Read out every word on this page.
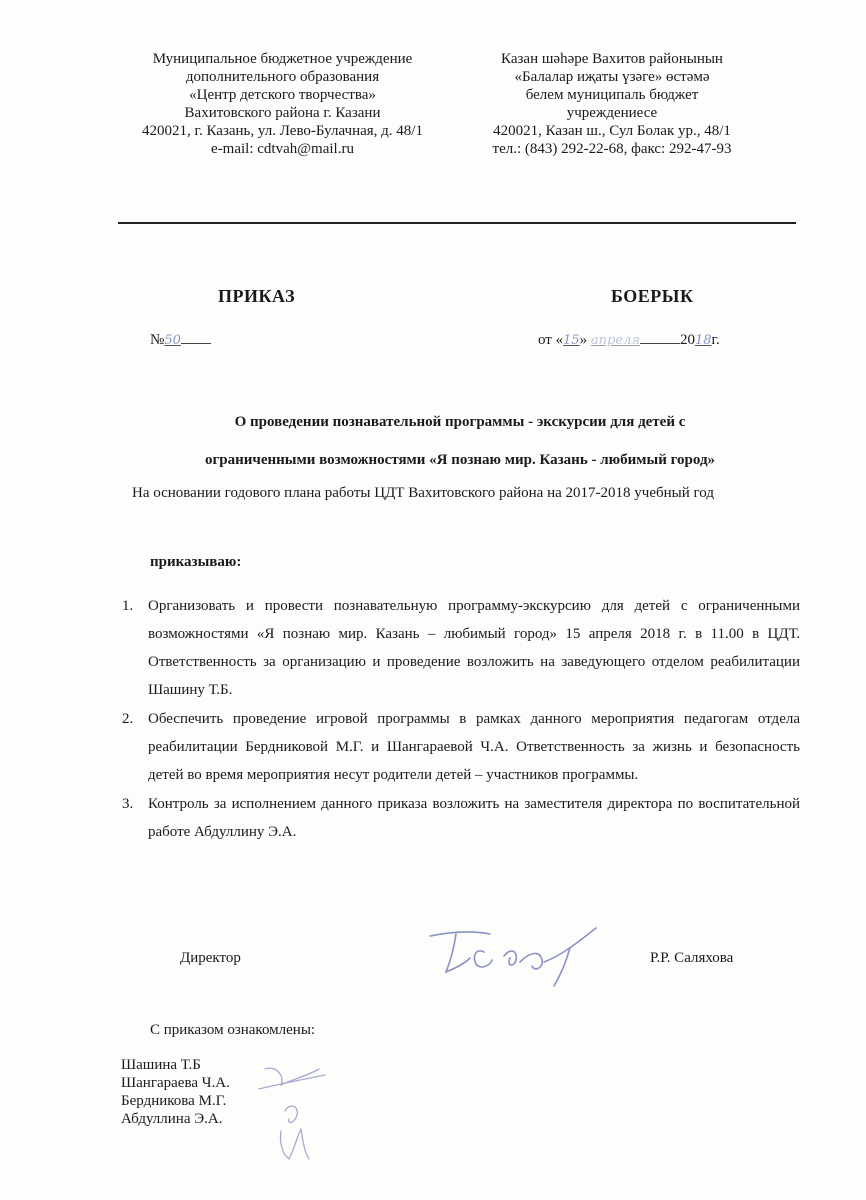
Муниципальное бюджетное учреждение
дополнительного образования
«Центр детского творчества»
Вахитовского района г. Казани
420021, г. Казань, ул. Лево-Булачная, д. 48/1
e-mail: cdtvah@mail.ru
Казан шәһәре Вахитов районынын
«Балалар иҗаты үзәге» өстәмә
белем муниципаль бюджет
учреждениесе
420021, Казан ш., Сул Болак ур., 48/1
тел.: (843) 292-22-68, факс: 292-47-93
ПРИКАЗ	БОЕРЫК
№50	от «15» апреля	2018г.
О проведении познавательной программы - экскурсии для детей с
ограниченными возможностями «Я познаю мир. Казань - любимый город»
На основании годового плана работы ЦДТ Вахитовского района на 2017-2018 учебный год
приказываю:
1. Организовать и провести познавательную программу-экскурсию для детей с ограниченными возможностями «Я познаю мир. Казань – любимый город» 15 апреля 2018 г. в 11.00 в ЦДТ. Ответственность за организацию и проведение возложить на заведующего отделом реабилитации Шашину Т.Б.
2. Обеспечить проведение игровой программы в рамках данного мероприятия педагогам отдела реабилитации Бердниковой М.Г. и Шангараевой Ч.А. Ответственность за жизнь и безопасность детей во время мероприятия несут родители детей – участников программы.
3. Контроль за исполнением данного приказа возложить на заместителя директора по воспитательной работе Абдуллину Э.А.
Директор	Р.Р. Саляхова
С приказом ознакомлены:
Шашина Т.Б
Шангараева Ч.А.
Бердникова М.Г.
Абдуллина Э.А.
